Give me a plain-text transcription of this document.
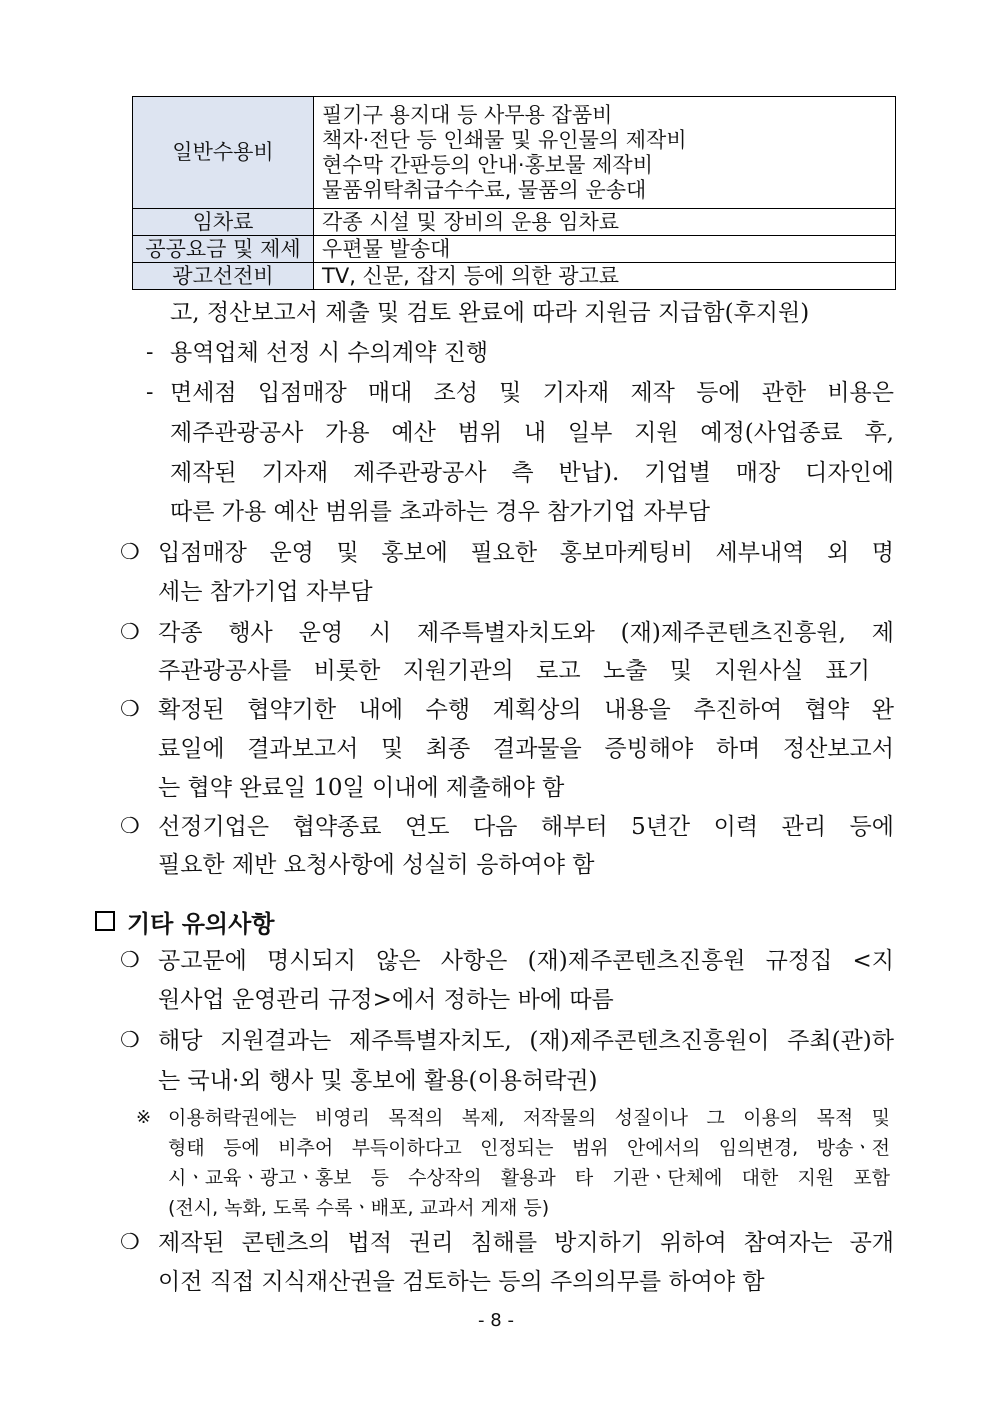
일반수용비	필기구 용지대 등 사무용 잡품비
책자·전단 등 인쇄물 및 유인물의 제작비
현수막 간판등의 안내·홍보물 제작비
물품위탁취급수수료, 물품의 운송대
임차료	각종 시설 및 장비의 운용 임차료
공공요금 및 제세	우편물 발송대
광고선전비	TV, 신문, 잡지 등에 의한 광고료
고, 정산보고서 제출 및 검토 완료에 따라 지원금 지급함(후지원)
- 용역업체 선정 시 수의계약 진행
- 면세점 입점매장 매대 조성 및 기자재 제작 등에 관한 비용은
제주관광공사 가용 예산 범위 내 일부 지원 예정(사업종료 후,
제작된 기자재 제주관광공사 측 반납). 기업별 매장 디자인에
따른 가용 예산 범위를 초과하는 경우 참가기업 자부담
❍ 입점매장 운영 및 홍보에 필요한 홍보마케팅비 세부내역 외 명
세는 참가기업 자부담
❍ 각종 행사 운영 시 제주특별자치도와 (재)제주콘텐츠진흥원, 제
주관광공사를 비롯한 지원기관의 로고 노출 및 지원사실 표기
❍ 확정된 협약기한 내에 수행 계획상의 내용을 추진하여 협약 완
료일에 결과보고서 및 최종 결과물을 증빙해야 하며 정산보고서
는 협약 완료일 10일 이내에 제출해야 함
❍ 선정기업은 협약종료 연도 다음 해부터 5년간 이력 관리 등에
필요한 제반 요청사항에 성실히 응하여야 함
기타 유의사항
❍ 공고문에 명시되지 않은 사항은 (재)제주콘텐츠진흥원 규정집 <지
원사업 운영관리 규정>에서 정하는 바에 따름
❍ 해당 지원결과는 제주특별자치도, (재)제주콘텐츠진흥원이 주최(관)하
는 국내·외 행사 및 홍보에 활용(이용허락권)
※ 이용허락권에는 비영리 목적의 복제, 저작물의 성질이나 그 이용의 목적 및
형태 등에 비추어 부득이하다고 인정되는 범위 안에서의 임의변경, 방송ㆍ전
시ㆍ교육ㆍ광고ㆍ홍보 등 수상작의 활용과 타 기관ㆍ단체에 대한 지원 포함
(전시, 녹화, 도록 수록ㆍ배포, 교과서 게재 등)
❍ 제작된 콘텐츠의 법적 권리 침해를 방지하기 위하여 참여자는 공개
이전 직접 지식재산권을 검토하는 등의 주의의무를 하여야 함
- 8 -
